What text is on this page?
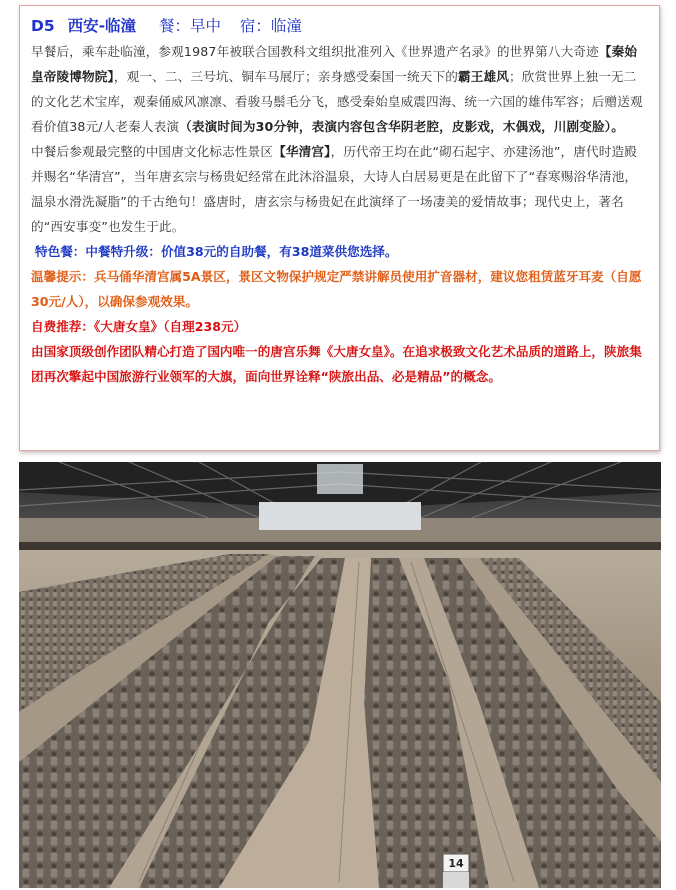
D5 西安-临潼 餐：早中 宿：临潼

早餐后，乘车赴临潼，参观1987年被联合国教科文组织批准列入《世界遗产名录》的世界第八大奇迹【秦始皇帝陵博物院】，观一、二、三号坑、铜车马展厅；亲身感受秦国一统天下的霸王雄风；欣赏世界上独一无二的文化艺术宝库，观秦俑威风凛凛、看骏马鬃毛分飞，感受秦始皇威震四海、统一六国的雄伟军容；后赠送观看价值38元/人老秦人表演（表演时间为30分钟，表演内容包含华阴老腔，皮影戏，木偶戏，川剧变脸）。

中餐后参观最完整的中国唐文化标志性景区【华清宫】，历代帝王均在此“砌石起宇、亦建汤池”，唐代时造殿并赐名“华清宫”，当年唐玄宗与杨贵妃经常在此沐浴温泉，大诗人白居易更是在此留下了“春寒赐浴华清池，温泉水滑洗凝脂”的千古绝句！盛唐时，唐玄宗与杨贵妃在此演绎了一场凄美的爱情故事；现代史上，著名的“西安事变”也发生于此。

特色餐：中餐特升级：价值38元的自助餐，有38道菜供您选择。

温馨提示：兵马俑华清宫属5A景区，景区文物保护规定严禁讲解员使用扩音器材，建议您租赁蓝牙耳麦（自愿30元/人），以确保参观效果。

自费推荐：《大唐女皇》（自理238元）

由国家顶级创作团队精心打造了国内唯一的唐宫乐舞《大唐女皇》。在追求极致文化艺术品质的道路上，陕旅集团再次擎起中国旅游行业领军的大旗，面向世界诠释“陕旅出品、必是精品”的概念。

14
